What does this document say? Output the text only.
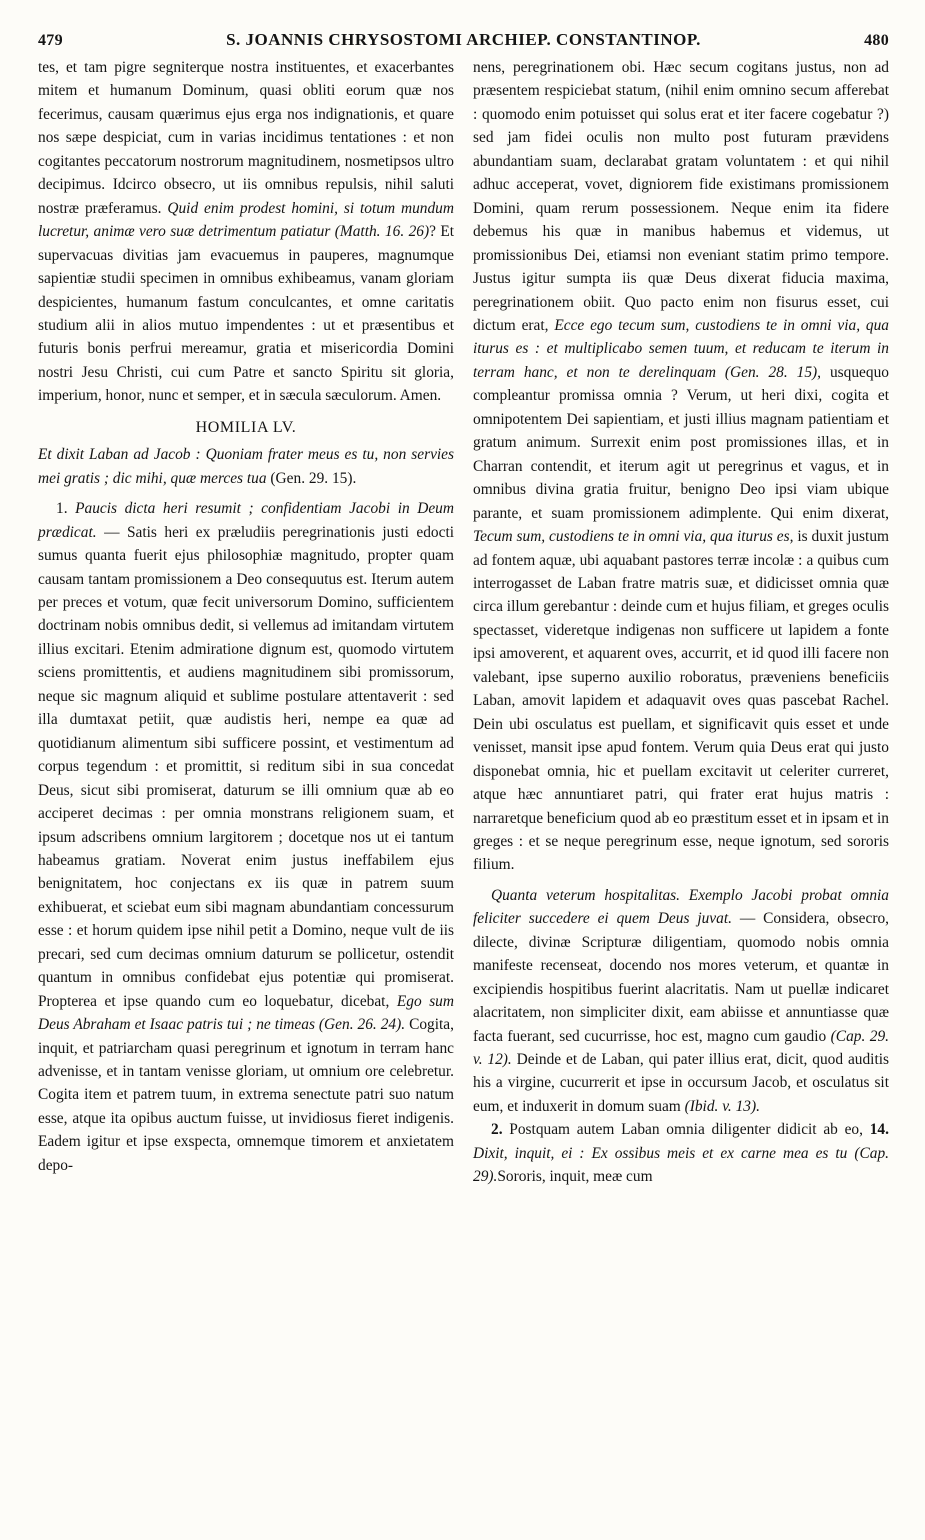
479	S. JOANNIS CHRYSOSTOMI ARCHIEP. CONSTANTINOP.	480

tes, et tam pigre segniterque nostra instituentes, et exacerbantes mitem et humanum Dominum, quasi obliti eorum quæ nos fecerimus, causam quærimus ejus erga nos indignationis, et quare nos sæpe despiciat, cum in varias incidimus tentationes : et non cogitantes peccatorum nostrorum magnitudinem, nosmetipsos ultro decipimus. Idcirco obsecro, ut iis omnibus repulsis, nihil saluti nostræ præferamus. Quid enim prodest homini, si totum mundum lucretur, animæ vero suæ detrimentum patiatur (Matth. 16. 26)? Et supervacuas divitias jam evacuemus in pauperes, magnumque sapientiæ studii specimen in omnibus exhibeamus, vanam gloriam despicientes, humanum fastum conculcantes, et omne caritatis studium alii in alios mutuo impendentes : ut et præsentibus et futuris bonis perfrui mereamur, gratia et misericordia Domini nostri Jesu Christi, cui cum Patre et sancto Spiritu sit gloria, imperium, honor, nunc et semper, et in sæcula sæculorum. Amen.

HOMILIA LV.

Et dixit Laban ad Jacob : Quoniam frater meus es tu, non servies mei gratis ; dic mihi, quæ merces tua (Gen. 29. 15).

1. Paucis dicta heri resumit ; confidentiam Jacobi in Deum prædicat. — Satis heri ex præludiis peregrinationis justi edocti sumus quanta fuerit ejus philosophiæ magnitudo, propter quam causam tantam promissionem a Deo consequutus est. Iterum autem per preces et votum, quæ fecit universorum Domino, sufficientem doctrinam nobis omnibus dedit, si vellemus ad imitandam virtutem illius excitari. Etenim admiratione dignum est, quomodo virtutem sciens promittentis, et audiens magnitudinem sibi promissorum, neque sic magnum aliquid et sublime postulare attentaverit : sed illa dumtaxat petiit, quæ audistis heri, nempe ea quæ ad quotidianum alimentum sibi sufficere possint, et vestimentum ad corpus tegendum : et promittit, si reditum sibi in sua concedat Deus, sicut sibi promiserat, daturum se illi omnium quæ ab eo acciperet decimas : per omnia monstrans religionem suam, et ipsum adscribens omnium largitorem ; docetque nos ut ei tantum habeamus gratiam. Noverat enim justus ineffabilem ejus benignitatem, hoc conjectans ex iis quæ in patrem suum exhibuerat, et sciebat eum sibi magnam abundantiam concessurum esse : et horum quidem ipse nihil petit a Domino, neque vult de iis precari, sed cum decimas omnium daturum se pollicetur, ostendit quantum in omnibus confidebat ejus potentiæ qui promiserat. Propterea et ipse quando cum eo loquebatur, dicebat, Ego sum Deus Abraham et Isaac patris tui ; ne timeas (Gen. 26. 24). Cogita, inquit, et patriarcham quasi peregrinum et ignotum in terram hanc advenisse, et in tantam venisse gloriam, ut omnium ore celebretur. Cogita item et patrem tuum, in extrema senectute patri suo natum esse, atque ita opibus auctum fuisse, ut invidiosus fieret indigenis. Eadem igitur et ipse exspecta, omnemque timorem et anxietatem depo-

nens, peregrinationem obi. Hæc secum cogitans justus, non ad præsentem respiciebat statum, (nihil enim omnino secum afferebat : quomodo enim potuisset qui solus erat et iter facere cogebatur ?) sed jam fidei oculis non multo post futuram prævidens abundantiam suam, declarabat gratam voluntatem : et qui nihil adhuc acceperat, vovet, digniorem fide existimans promissionem Domini, quam rerum possessionem. Neque enim ita fidere debemus his quæ in manibus habemus et videmus, ut promissionibus Dei, etiamsi non eveniant statim primo tempore. Justus igitur sumpta iis quæ Deus dixerat fiducia maxima, peregrinationem obiit. Quo pacto enim non fisurus esset, cui dictum erat, Ecce ego tecum sum, custodiens te in omni via, qua iturus es : et multiplicabo semen tuum, et reducam te iterum in terram hanc, et non te derelinquam (Gen. 28. 15), usquequo compleantur promissa omnia ? Verum, ut heri dixi, cogita et omnipotentem Dei sapientiam, et justi illius magnam patientiam et gratum animum. Surrexit enim post promissiones illas, et in Charran contendit, et iterum agit ut peregrinus et vagus, et in omnibus divina gratia fruitur, benigno Deo ipsi viam ubique parante, et suam promissionem adimplente. Qui enim dixerat, Tecum sum, custodiens te in omni via, qua iturus es, is duxit justum ad fontem aquæ, ubi aquabant pastores terræ incolæ : a quibus cum interrogasset de Laban fratre matris suæ, et didicisset omnia quæ circa illum gerebantur : deinde cum et hujus filiam, et greges oculis spectasset, videretque indigenas non sufficere ut lapidem a fonte ipsi amoverent, et aquarent oves, accurrit, et id quod illi facere non valebant, ipse superno auxilio roboratus, præveniens beneficiis Laban, amovit lapidem et adaquavit oves quas pascebat Rachel. Dein ubi osculatus est puellam, et significavit quis esset et unde venisset, mansit ipse apud fontem. Verum quia Deus erat qui justo disponebat omnia, hic et puellam excitavit ut celeriter curreret, atque hæc annuntiaret patri, qui frater erat hujus matris : narraretque beneficium quod ab eo præstitum esset et in ipsam et in greges : et se neque peregrinum esse, neque ignotum, sed sororis filium.

Quanta veterum hospitalitas. Exemplo Jacobi probat omnia feliciter succedere ei quem Deus juvat. — Considera, obsecro, dilecte, divinæ Scripturæ diligentiam, quomodo nobis omnia manifeste recenseat, docendo nos mores veterum, et quantæ in excipiendis hospitibus fuerint alacritatis. Nam ut puellæ indicaret alacritatem, non simpliciter dixit, eam abiisse et annuntiasse quæ facta fuerant, sed cucurrisse, hoc est, magno cum gaudio (Cap. 29. v. 12). Deinde et de Laban, qui pater illius erat, dicit, quod auditis his a virgine, cucurrerit et ipse in occursum Jacob, et osculatus sit eum, et induxerit in domum suam (Ibid. v. 13).

2. Postquam autem Laban omnia diligenter didicit ab eo, 14. Dixit, inquit, ei : Ex ossibus meis et ex carne mea es tu (Cap. 29).Sororis, inquit, meæ cum
